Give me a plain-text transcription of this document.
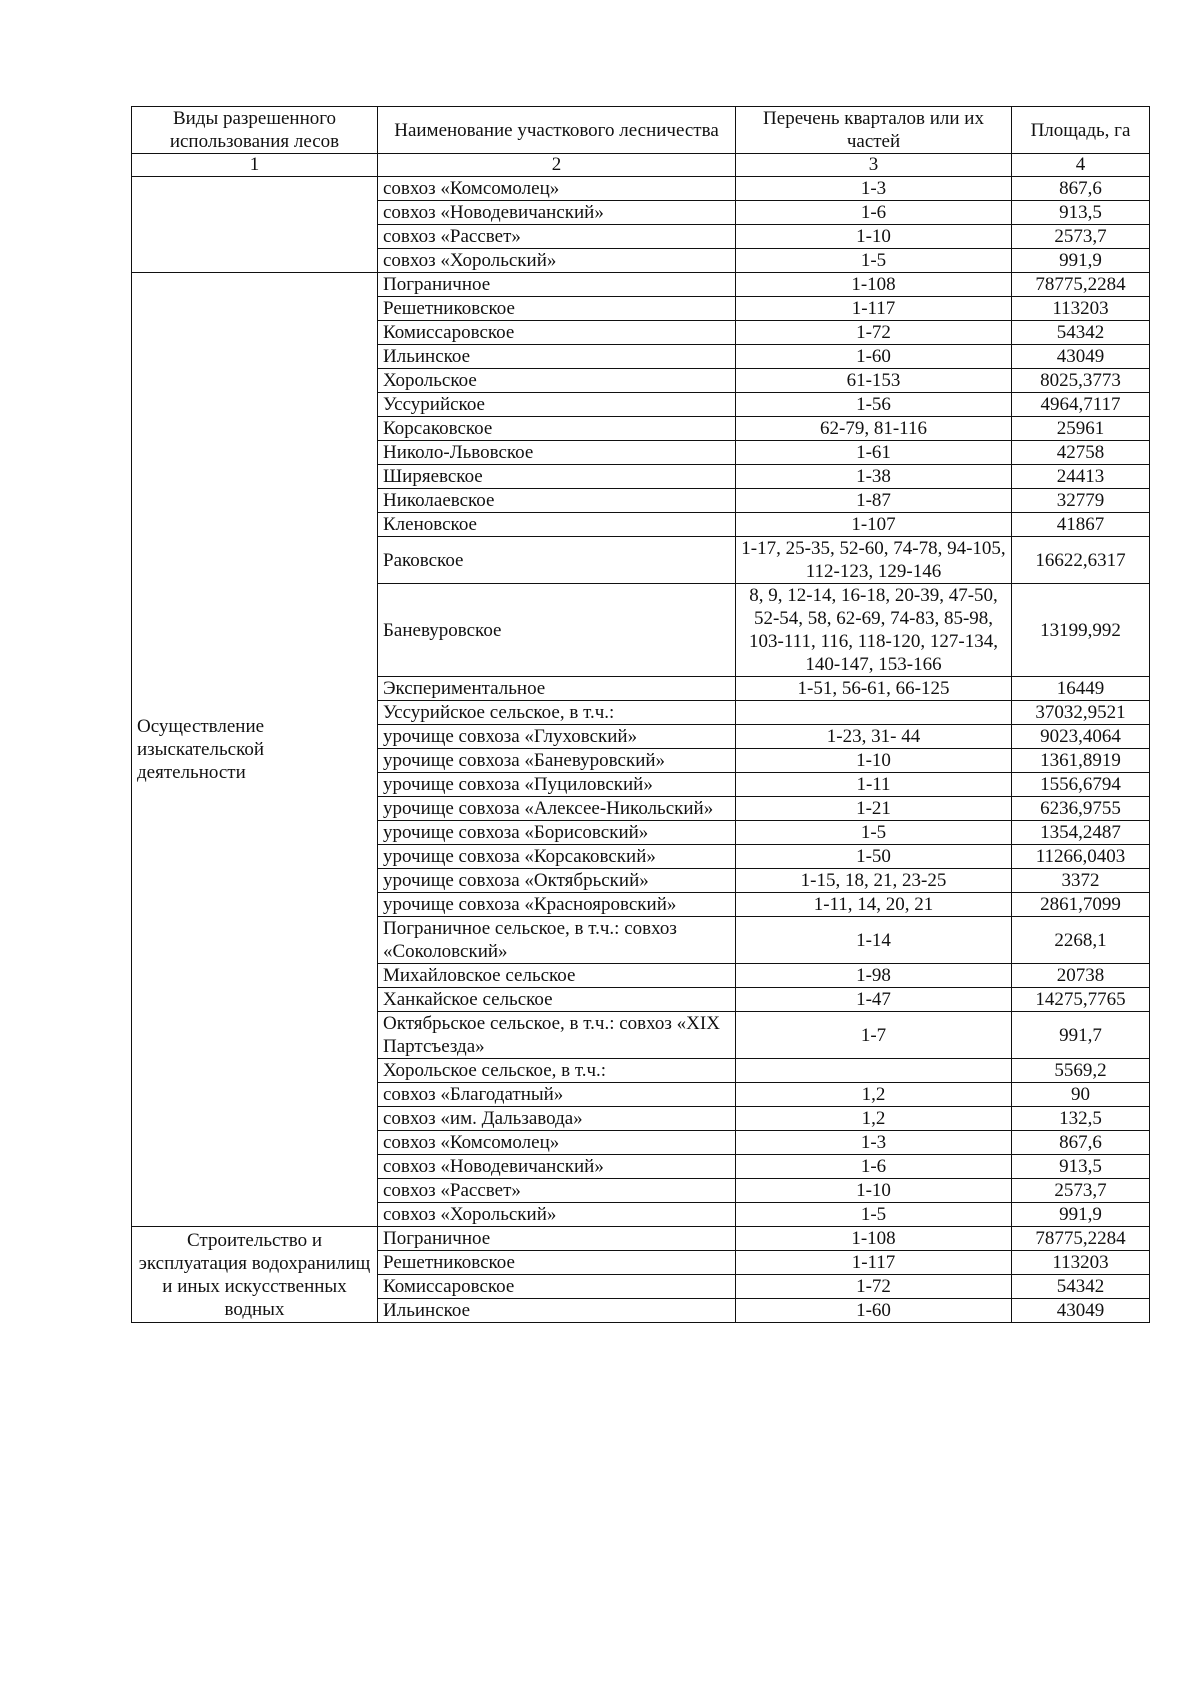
Виды разрешенного использования лесов	Наименование участкового лесничества	Перечень кварталов или их частей	Площадь, га
1	2	3	4
	совхоз «Комсомолец»	1-3	867,6
	совхоз «Новодевичанский»	1-6	913,5
	совхоз «Рассвет»	1-10	2573,7
	совхоз «Хорольский»	1-5	991,9
Осуществление изыскательской деятельности	Пограничное	1-108	78775,2284
	Решетниковское	1-117	113203
	Комиссаровское	1-72	54342
	Ильинское	1-60	43049
	Хорольское	61-153	8025,3773
	Уссурийское	1-56	4964,7117
	Корсаковское	62-79, 81-116	25961
	Николо-Львовское	1-61	42758
	Ширяевское	1-38	24413
	Николаевское	1-87	32779
	Кленовское	1-107	41867
	Раковское	1-17, 25-35, 52-60, 74-78, 94-105, 112-123, 129-146	16622,6317
	Баневуровское	8, 9, 12-14, 16-18, 20-39, 47-50, 52-54, 58, 62-69, 74-83, 85-98, 103-111, 116, 118-120, 127-134, 140-147, 153-166	13199,992
	Экспериментальное	1-51, 56-61, 66-125	16449
	Уссурийское сельское, в т.ч.:		37032,9521
	урочище совхоза «Глуховский»	1-23, 31- 44	9023,4064
	урочище совхоза «Баневуровский»	1-10	1361,8919
	урочище совхоза «Пуциловский»	1-11	1556,6794
	урочище совхоза «Алексее-Никольский»	1-21	6236,9755
	урочище совхоза «Борисовский»	1-5	1354,2487
	урочище совхоза «Корсаковский»	1-50	11266,0403
	урочище совхоза «Октябрьский»	1-15, 18, 21, 23-25	3372
	урочище совхоза «Краснояровский»	1-11, 14, 20, 21	2861,7099
	Пограничное сельское, в т.ч.: совхоз «Соколовский»	1-14	2268,1
	Михайловское сельское	1-98	20738
	Ханкайское сельское	1-47	14275,7765
	Октябрьское сельское, в т.ч.: совхоз «XIX Партсъезда»	1-7	991,7
	Хорольское сельское, в т.ч.:		5569,2
	совхоз «Благодатный»	1,2	90
	совхоз «им. Дальзавода»	1,2	132,5
	совхоз «Комсомолец»	1-3	867,6
	совхоз «Новодевичанский»	1-6	913,5
	совхоз «Рассвет»	1-10	2573,7
	совхоз «Хорольский»	1-5	991,9
Строительство и эксплуатация водохранилищ и иных искусственных водных	Пограничное	1-108	78775,2284
	Решетниковское	1-117	113203
	Комиссаровское	1-72	54342
	Ильинское	1-60	43049
